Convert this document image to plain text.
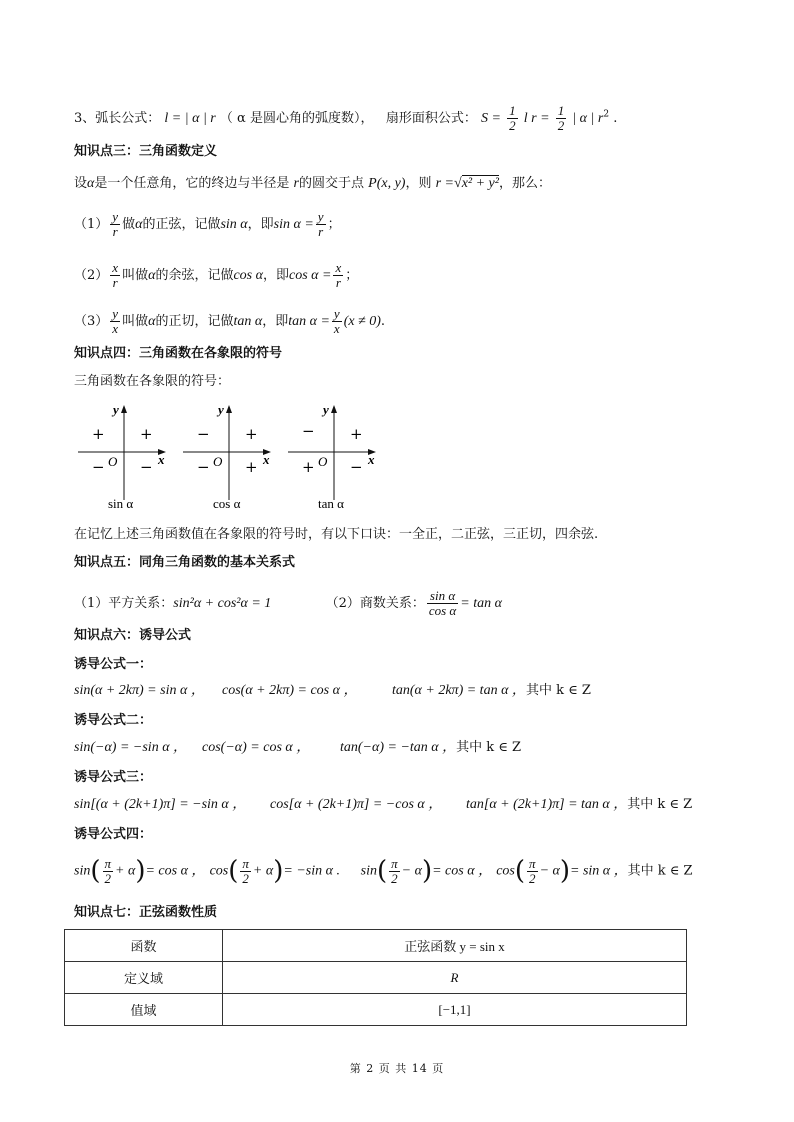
3、弧长公式： l = | α | r （ α 是圆心角的弧度数）， 扇形面积公式： $S = \frac{1}{2}$ l $r = \frac{1}{2}$ | α | $r^2$ .
知识点三：三角函数定义
设α是一个任意角，它的终边与半径是 r的圆交于点 P(x, y)，则 r =√x² + y²，那么：
$(1) \frac{y}{r}$ 做α的正弦，记做sin α，即$\sin \alpha = \frac{y}{r}$ ；
$(2) \frac{x}{r}$ 叫做α的余弦，记做cos α，即$\cos \alpha = \frac{x}{r}$ ；
$(3) \frac{y}{x}$ 叫做α的正切，记做tan α，即$\tan \alpha = \frac{y}{x} (x \ne 0)$.
知识点四：三角函数在各象限的符号
三角函数在各象限的符号：
y
x
O
+ +
− −
sin α
y
x
O
− +
− +
cos α
y
x
O
− +
+ −
tan α
在记忆上述三角函数值在各象限的符号时，有以下口诀：一全正，二正弦，三正切，四余弦.
知识点五：同角三角函数的基本关系式
（1）平方关系：sin²α + cos²α = 1	（2）商数关系： $\frac{\text{sin α}}{\text{cos α}} = \tan \alpha$
知识点六：诱导公式
诱导公式一：
sin(α + 2kπ) = sin α ， cos(α + 2kπ) = cos α ， tan(α + 2kπ) = tan α ，其中 k ∈ Z
诱导公式二：
sin(−α) = −sin α ， cos(−α) = cos α ， tan(−α) = −tan α ，其中 k ∈ Z
诱导公式三：
sin[(α + (2k+1)π] = −sin α ， cos[α + (2k+1)π] = −cos α ， tan[α + (2k+1)π] = tan α ，其中 k ∈ Z
诱导公式四：
$\sin( \frac{\pi}{2} + \alpha)= \cos \alpha$ ， $\cos( \frac{\pi}{2} + \alpha)= -\sin$ α . $\sin( \frac{\pi}{2} - \alpha)= \cos \alpha$ ， $\cos( \frac{\pi}{2} - \alpha)= \sin \alpha$ ，其中 k ∈ Z
知识点七：正弦函数性质
函数	正弦函数 y = sin x
定义域	R
值域	[−1,1]
第 2 页 共 14 页
